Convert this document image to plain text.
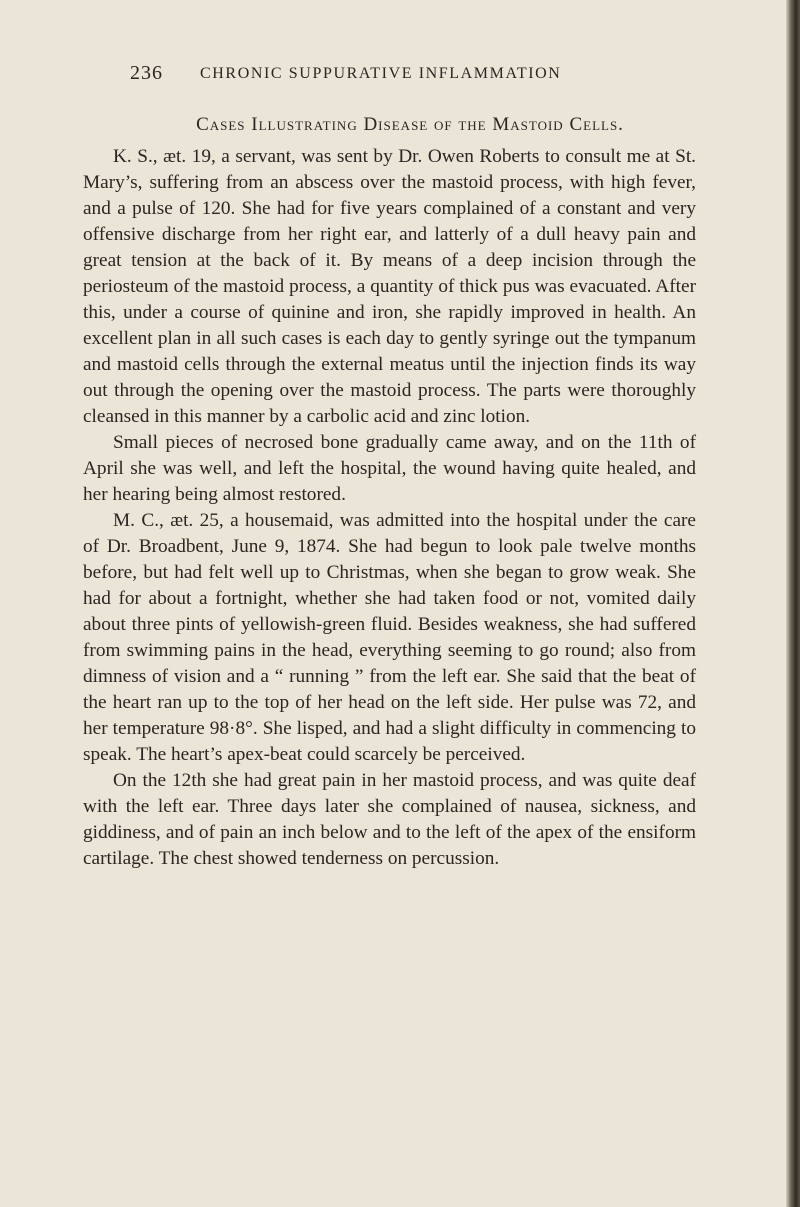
236 CHRONIC SUPPURATIVE INFLAMMATION
Cases Illustrating Disease of the Mastoid Cells.

K. S., æt. 19, a servant, was sent by Dr. Owen Roberts to consult me at St. Mary’s, suffering from an abscess over the mastoid process, with high fever, and a pulse of 120. She had for five years complained of a constant and very offensive discharge from her right ear, and latterly of a dull heavy pain and great tension at the back of it. By means of a deep incision through the periosteum of the mastoid process, a quantity of thick pus was evacuated. After this, under a course of quinine and iron, she rapidly improved in health. An excellent plan in all such cases is each day to gently syringe out the tympanum and mastoid cells through the external meatus until the injection finds its way out through the opening over the mastoid process. The parts were thoroughly cleansed in this manner by a carbolic acid and zinc lotion.

Small pieces of necrosed bone gradually came away, and on the 11th of April she was well, and left the hospital, the wound having quite healed, and her hearing being almost restored.

M. C., æt. 25, a housemaid, was admitted into the hospital under the care of Dr. Broadbent, June 9, 1874. She had begun to look pale twelve months before, but had felt well up to Christmas, when she began to grow weak. She had for about a fortnight, whether she had taken food or not, vomited daily about three pints of yellowish-green fluid. Besides weakness, she had suffered from swimming pains in the head, everything seeming to go round; also from dimness of vision and a “ running ” from the left ear. She said that the beat of the heart ran up to the top of her head on the left side. Her pulse was 72, and her temperature 98·8°. She lisped, and had a slight difficulty in commencing to speak. The heart’s apex-beat could scarcely be perceived.

On the 12th she had great pain in her mastoid process, and was quite deaf with the left ear. Three days later she complained of nausea, sickness, and giddiness, and of pain an inch below and to the left of the apex of the ensiform cartilage. The chest showed tenderness on percussion.
